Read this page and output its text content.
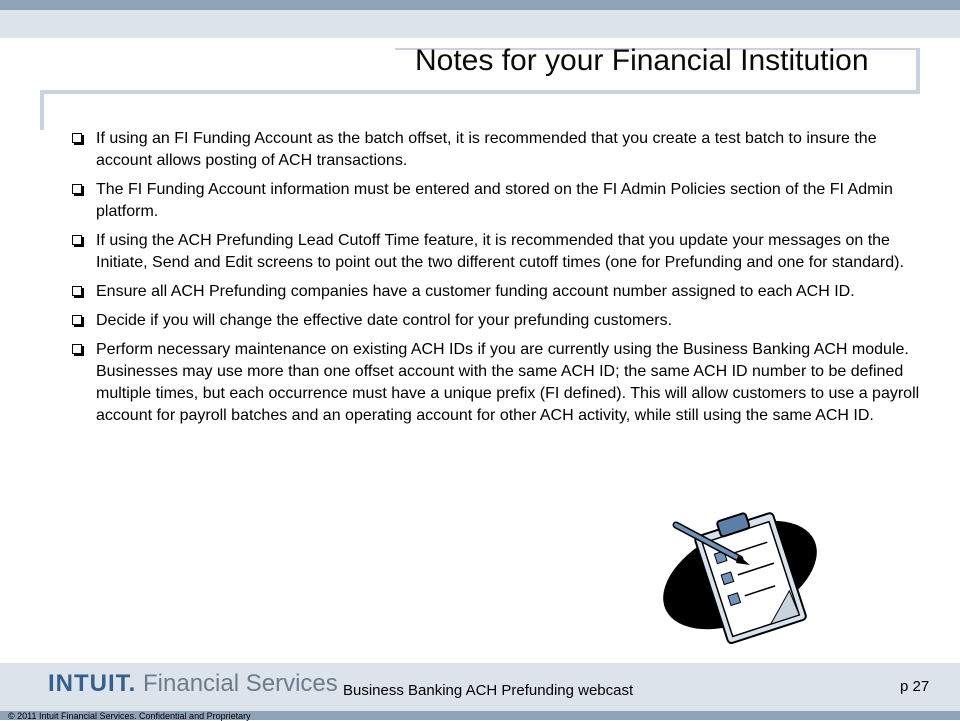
Notes for your Financial Institution
If using an FI Funding Account as the batch offset, it is recommended that you create a test batch to insure the account allows posting of ACH transactions.
The FI Funding Account information must be entered and stored on the FI Admin Policies section of the FI Admin platform.
If using the ACH Prefunding Lead Cutoff Time feature, it is recommended that you update your messages on the Initiate, Send and Edit screens to point out the two different cutoff times (one for Prefunding and one for standard).
Ensure all ACH Prefunding companies have a customer funding account number assigned to each ACH ID.
Decide if you will change the effective date control for your prefunding customers.
Perform necessary maintenance on existing ACH IDs if you are currently using the Business Banking ACH module. Businesses may use more than one offset account with the same ACH ID; the same ACH ID number to be defined multiple times, but each occurrence must have a unique prefix (FI defined). This will allow customers to use a payroll account for payroll batches and an operating account for other ACH activity, while still using the same ACH ID.
INTUIT. Financial Services Business Banking ACH Prefunding webcast	p 27
© 2011 Intuit Financial Services. Confidential and Proprietary
